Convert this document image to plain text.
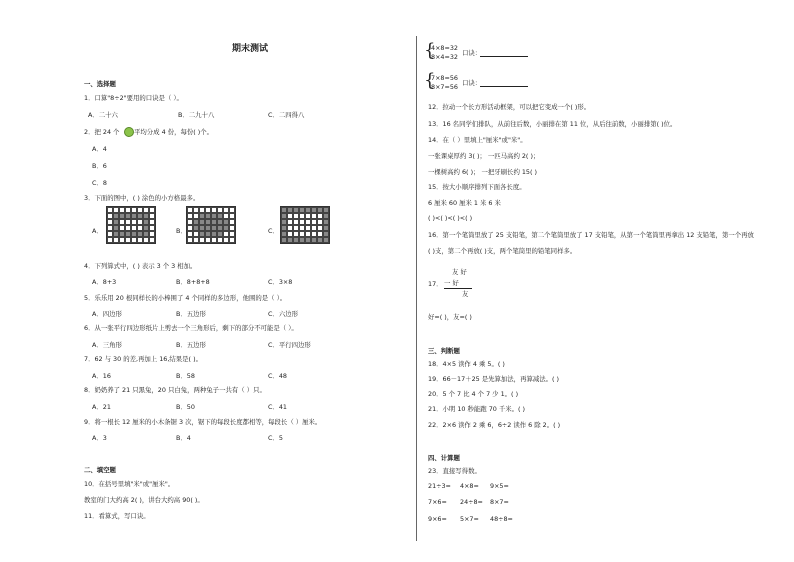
期末测试
一、选择题
1．口算"8÷2"要用的口诀是（ ）。
A．二十六	B．二九十八	C．二四得八
2．把 24 个 平均分成 4 份，每份( )个。
A．4
B．6
C．8
3．下面的图中，( ) 涂色的小方格最多。
A．	B．	C．
4．下列算式中，( ) 表示 3 个 3 相加。
A．8+3	B．8+8+8	C．3×8
5．乐乐用 20 根同样长的小棒围了 4 个同样的多边形，他围的是（ ）。
A．四边形	B．五边形	C．六边形
6．从一张平行四边形纸片上剪去一个三角形后，剩下的部分不可能是（ ）。
A．三角形	B．五边形	C．平行四边形
7．62 与 30 的差,再加上 16,结果是( )。
A．16	B．58	C．48
8．奶奶养了 21 只黑兔，20 只白兔，两种兔子一共有（ ）只。
A．21	B．50	C．41
9．将一根长 12 厘米的小木条锯 3 次，锯下的每段长度都相等，每段长（ ）厘米。
A．3	B．4	C．5
二、填空题
10．在括号里填"米"或"厘米"。
教室的门大约高 2( )，讲台大约高 90( )。
11．看算式，写口诀。
{
4×8=32
8×4=32 口诀：
{
7×8=56
8×7=56 口诀：
12．拉动一个长方形活动框架，可以把它变成一个( )形。
13．16 名同学们排队，从前往后数，小丽排在第 11 位，从后往前数，小丽排第( )位。
14．在（ ）里填上"厘米"或"米"。
一张课桌厚约 3( )； 一匹马高约 2( )；
一棵树高约 6( )； 一把牙刷长约 15( )
15．按大小顺序排列下面各长度。
6 厘米 60 厘米 1 米 6 米
( )<( )<( )<( )
16．第一个笔筒里放了 25 支铅笔，第二个笔筒里放了 17 支铅笔，从第一个笔筒里再拿出 12 支铅笔，第一个再放
( )支，第二个再放( )支，两个笔筒里的铅笔同样多。
17．
友 好
一 好
友
好=( )，友=( )
三、判断题
18．4×5 读作 4 乘 5。( )
19．66－17＋25 是先算加法，再算减法。( )
20．5 个 7 比 4 个 7 少 1。( )
21．小明 10 秒能跑 70 千米。( )
22．2×6 读作 2 乘 6，6÷2 读作 6 除 2。( )
四、计算题
23．直接写得数。
21÷3= 4×8= 9×5=
7×6= 24÷8= 8×7=
9×6= 5×7= 48÷8=
